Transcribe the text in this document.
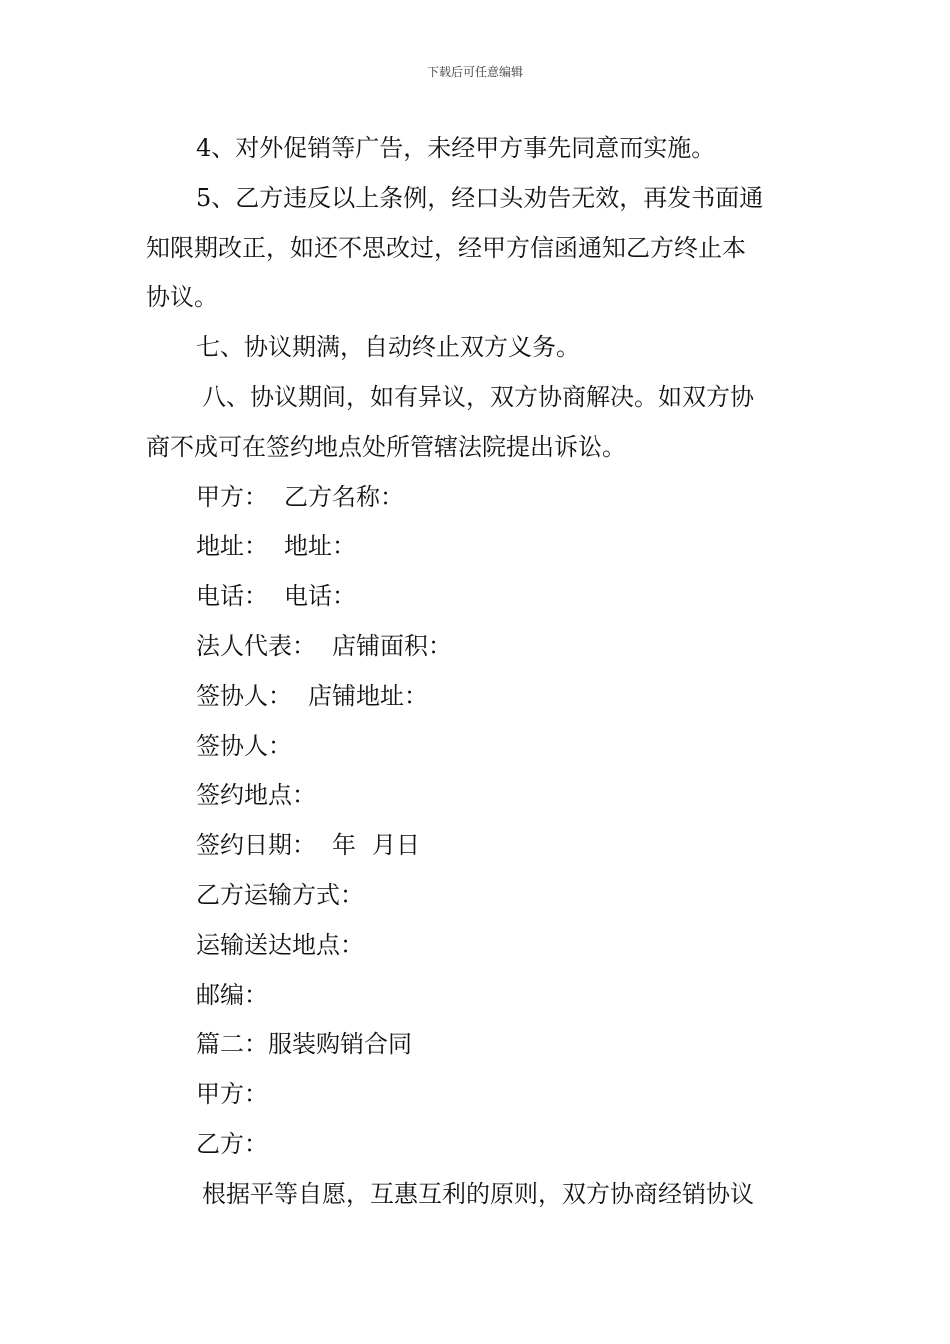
下载后可任意编辑
4、对外促销等广告，未经甲方事先同意而实施。
5、乙方违反以上条例，经口头劝告无效，再发书面通
知限期改正，如还不思改过，经甲方信函通知乙方终止本
协议。
七、协议期满，自动终止双方义务。
八、协议期间，如有异议，双方协商解决。如双方协
商不成可在签约地点处所管辖法院提出诉讼。
甲方： 乙方名称：
地址： 地址：
电话： 电话：
法人代表： 店铺面积：
签协人： 店铺地址：
签协人：
签约地点：
签约日期： 年 月日
乙方运输方式：
运输送达地点：
邮编：
篇二：服装购销合同
甲方：
乙方：
根据平等自愿，互惠互利的原则，双方协商经销协议
